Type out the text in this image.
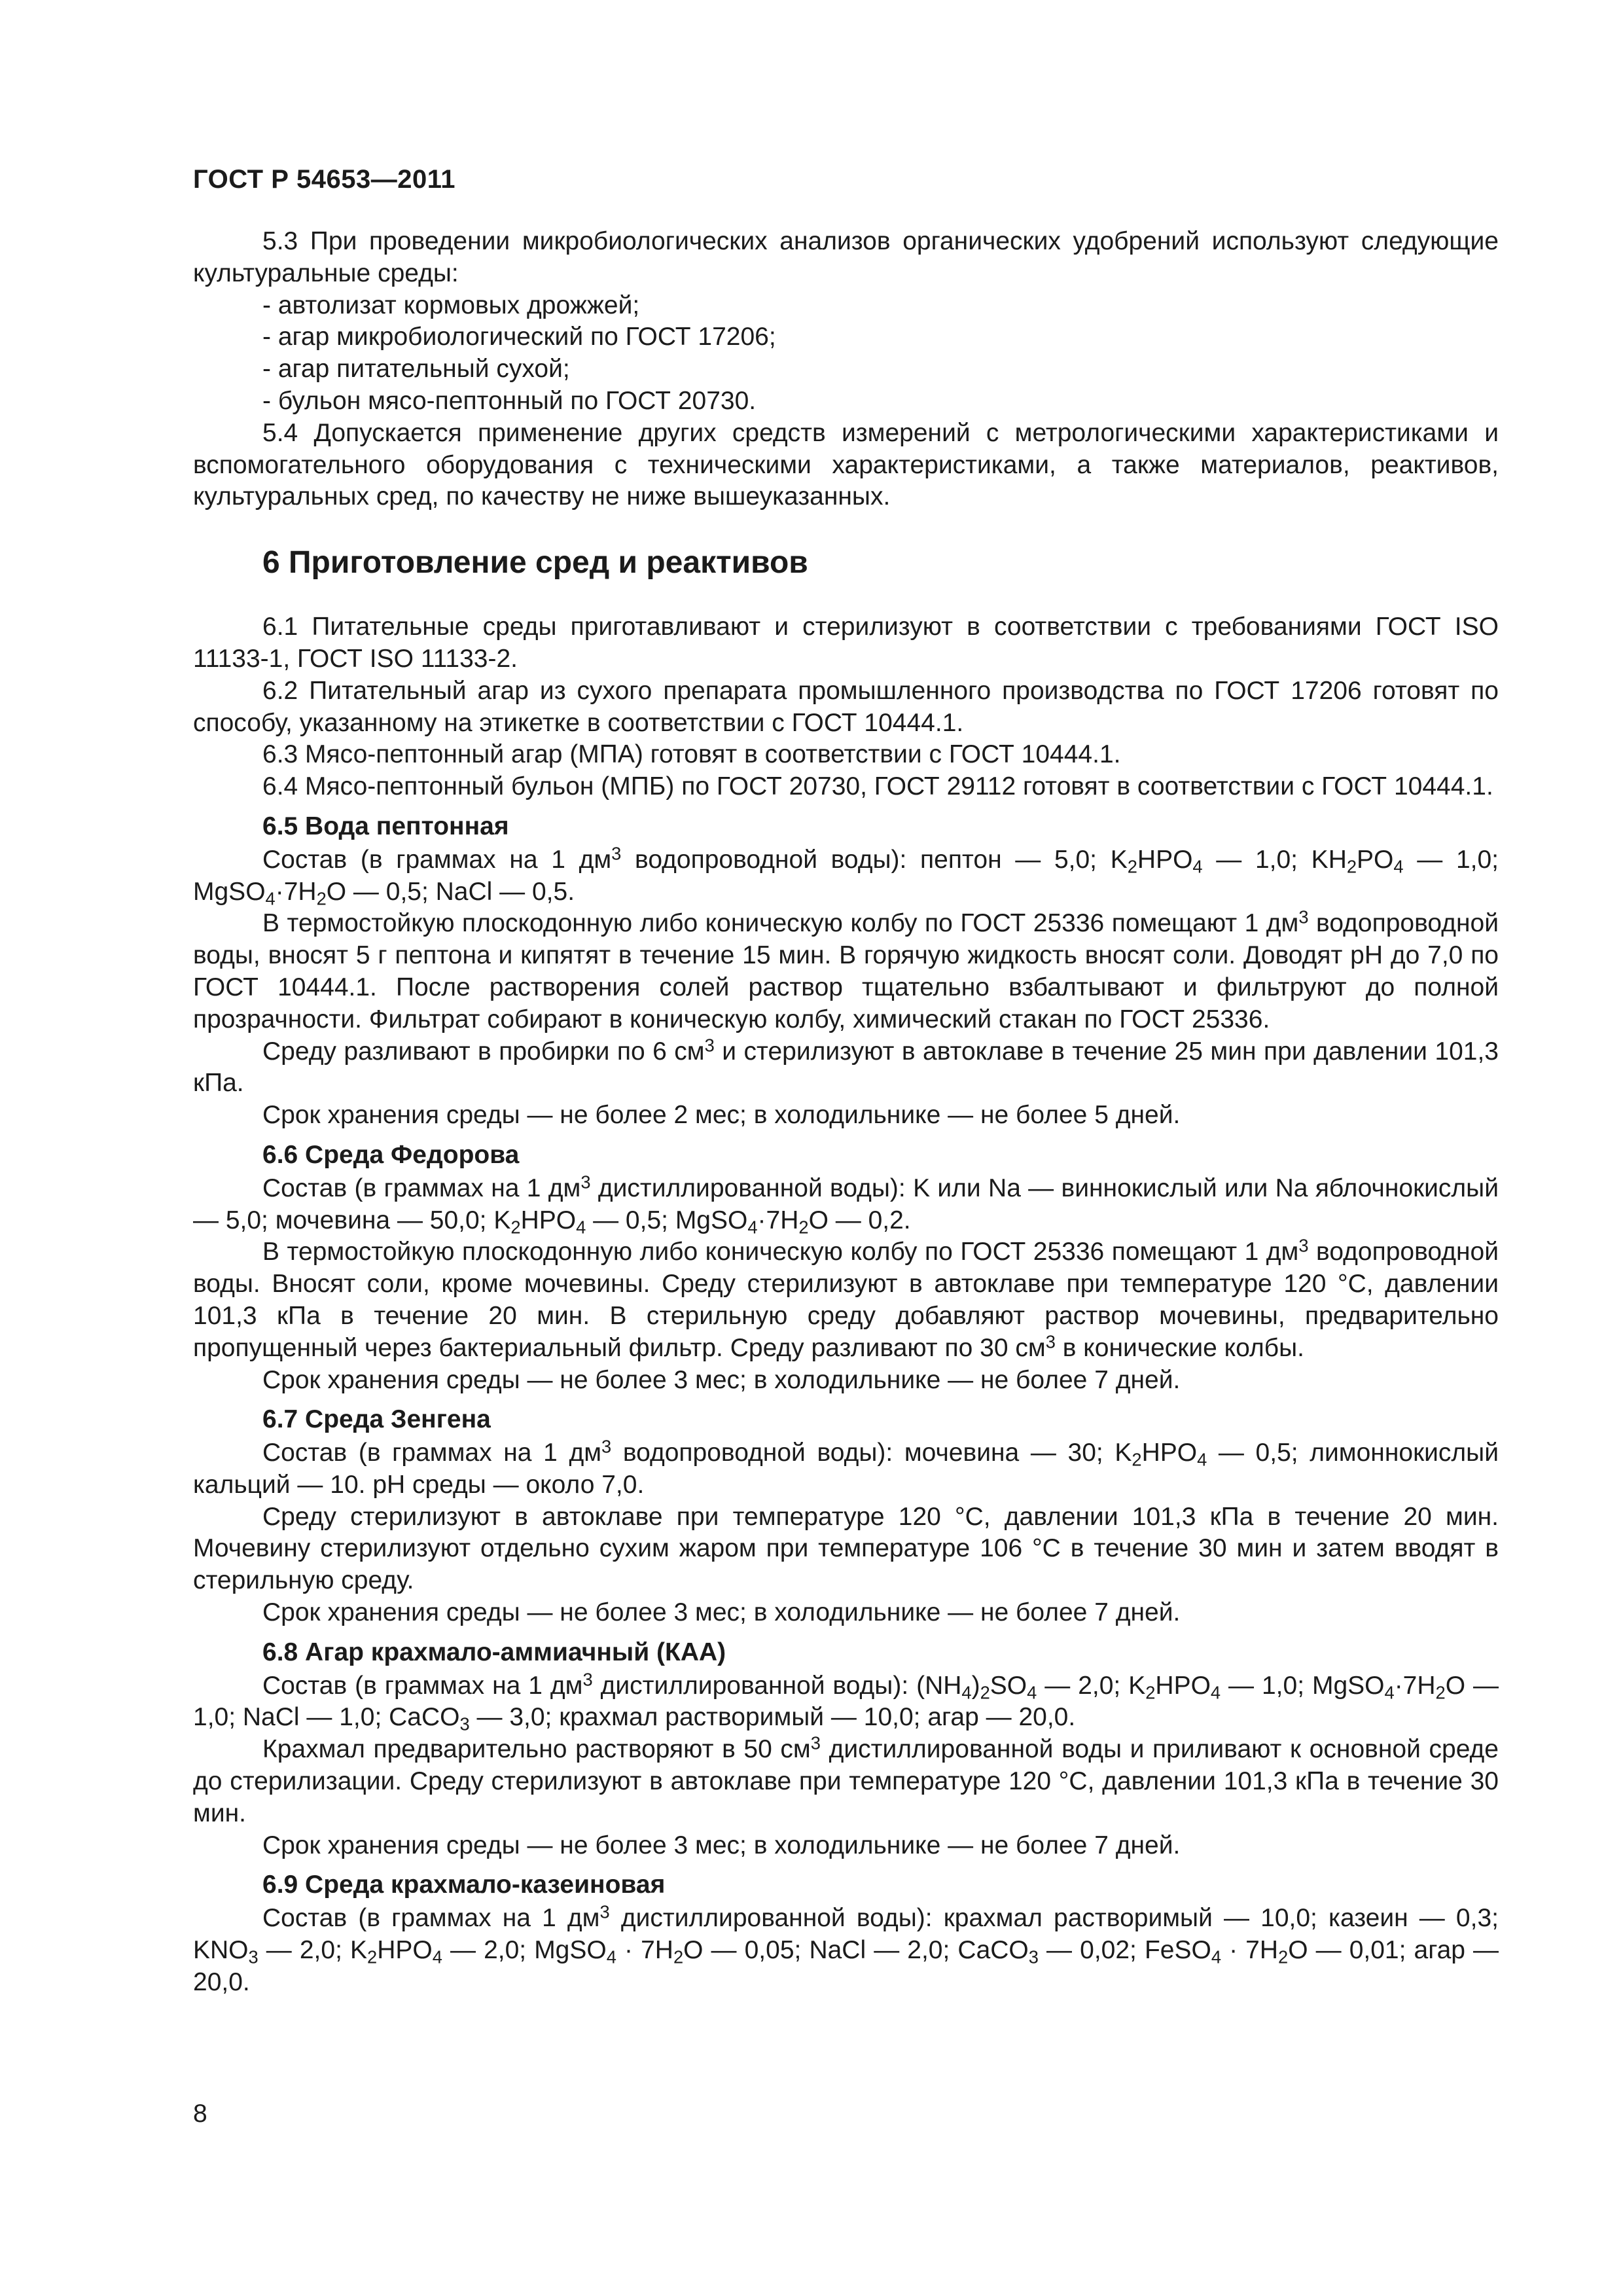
ГОСТ Р 54653—2011

5.3 При проведении микробиологических анализов органических удобрений используют следующие культуральные среды:

- автолизат кормовых дрожжей;

- агар микробиологический по ГОСТ 17206;

- агар питательный сухой;

- бульон мясо-пептонный по ГОСТ 20730.

5.4 Допускается применение других средств измерений с метрологическими характеристиками и вспомогательного оборудования с техническими характеристиками, а также материалов, реактивов, культуральных сред, по качеству не ниже вышеуказанных.

6 Приготовление сред и реактивов

6.1 Питательные среды приготавливают и стерилизуют в соответствии с требованиями ГОСТ ISO 11133-1, ГОСТ ISO 11133-2.

6.2 Питательный агар из сухого препарата промышленного производства по ГОСТ 17206 готовят по способу, указанному на этикетке в соответствии с ГОСТ 10444.1.

6.3 Мясо-пептонный агар (МПА) готовят в соответствии с ГОСТ 10444.1.

6.4 Мясо-пептонный бульон (МПБ) по ГОСТ 20730, ГОСТ 29112 готовят в соответствии с ГОСТ 10444.1.

6.5 Вода пептонная

Состав (в граммах на 1 $дм^3$ водопроводной воды): пептон — 5,0; $K_2HPO_4$ — 1,0; $KH_2PO_4$ — 1,0; $MgSO_4\cdot 7H_2O$ — 0,5; NaCl — 0,5.

В термостойкую плоскодонную либо коническую колбу по ГОСТ 25336 помещают 1 $дм^3$ водопроводной воды, вносят 5 г пептона и кипятят в течение 15 мин. В горячую жидкость вносят соли. Доводят pH до 7,0 по ГОСТ 10444.1. После растворения солей раствор тщательно взбалтывают и фильтруют до полной прозрачности. Фильтрат собирают в коническую колбу, химический стакан по ГОСТ 25336.

Среду разливают в пробирки по 6 $см^3$ и стерилизуют в автоклаве в течение 25 мин при давлении 101,3 кПа.

Срок хранения среды — не более 2 мес; в холодильнике — не более 5 дней.

6.6 Среда Федорова

Состав (в граммах на 1 $дм^3$ дистиллированной воды): K или Na — виннокислый или Na яблочнокислый — 5,0; мочевина — 50,0; $K_2HPO_4$ — 0,5; $MgSO_4\cdot 7H_2O$ — 0,2.

В термостойкую плоскодонную либо коническую колбу по ГОСТ 25336 помещают 1 $дм^3$ водопроводной воды. Вносят соли, кроме мочевины. Среду стерилизуют в автоклаве при температуре 120 °С, давлении 101,3 кПа в течение 20 мин. В стерильную среду добавляют раствор мочевины, предварительно пропущенный через бактериальный фильтр. Среду разливают по 30 $см^3$ в конические колбы.

Срок хранения среды — не более 3 мес; в холодильнике — не более 7 дней.

6.7 Среда Зенгена

Состав (в граммах на 1 $дм^3$ водопроводной воды): мочевина — 30; $K_2HPO_4$ — 0,5; лимоннокислый кальций — 10. pH среды — около 7,0.

Среду стерилизуют в автоклаве при температуре 120 °С, давлении 101,3 кПа в течение 20 мин. Мочевину стерилизуют отдельно сухим жаром при температуре 106 °С в течение 30 мин и затем вводят в стерильную среду.

Срок хранения среды — не более 3 мес; в холодильнике — не более 7 дней.

6.8 Агар крахмало-аммиачный (КАА)

Состав (в граммах на 1 $дм^3$ дистиллированной воды): $(NH_4)_2SO_4$ — 2,0; $K_2HPO_4$ — 1,0; $MgSO_4\cdot 7H_2O$ — 1,0; NaCl — 1,0; CaCO$_3$ — 3,0; крахмал растворимый — 10,0; агар — 20,0.

Крахмал предварительно растворяют в 50 $см^3$ дистиллированной воды и приливают к основной среде до стерилизации. Среду стерилизуют в автоклаве при температуре 120 °С, давлении 101,3 кПа в течение 30 мин.

Срок хранения среды — не более 3 мес; в холодильнике — не более 7 дней.

6.9 Среда крахмало-казеиновая

Состав (в граммах на 1 $дм^3$ дистиллированной воды): крахмал растворимый — 10,0; казеин — 0,3; $KNO_3$ — 2,0; $K_2HPO_4$ — 2,0; MgSO$_4$ · $7H_2O$ — 0,05; NaCl — 2,0; CaCO$_3$ — 0,02; FeSO$_4$ · $7H_2O$ — 0,01; агар — 20,0.

8
